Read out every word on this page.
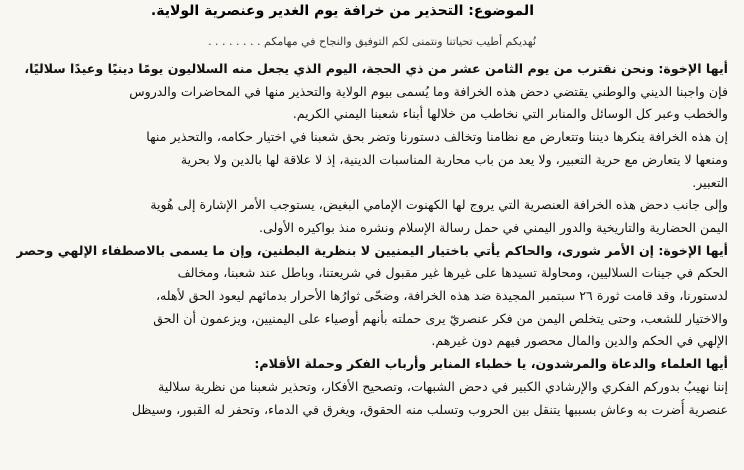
الموضوع: التحذير من خرافة يوم الغدير وعنصرية الولاية.
نُهديكم أطيب تحياتنا ونتمنى لكم التوفيق والنجاح في مهامكم . . . . . . . .
أيها الإخوة: ونحن نقترب من يوم الثامن عشر من ذي الحجة، اليوم الذي يجعل منه السلاليون يومًا دينيًا وعيدًا سلاليًا،
فإن واجبنا الديني والوطني يقتضي دحض هذه الخرافة وما يُسمى بيوم الولاية والتحذير منها في المحاضرات والدروس
والخطب وعبر كل الوسائل والمنابر التي نخاطب من خلالها أبناء شعبنا اليمني الكريم.
إن هذه الخرافة ينكرها ديننا وتتعارض مع نظامنا وتخالف دستورنا وتضر بحق شعبنا في اختيار حكامه، والتحذير منها
ومنعها لا يتعارض مع حرية التعبير، ولا يعد من باب محاربة المناسبات الدينية، إذ لا علاقة لها بالدين ولا بحرية
التعبير.
وإلى جانب دحض هذه الخرافة العنصرية التي يروج لها الكهنوت الإمامي البغيض، يستوجب الأمر الإشارة إلى هُوية
اليمن الحضارية والتاريخية والدور اليمني في حمل رسالة الإسلام ونشره منذ بواكيره الأولى.
أيها الإخوة: إن الأمر شورى، والحاكم يأتي باختيار اليمنيين لا بنظرية البطنين، وإن ما يسمى بالاصطفاء الإلهي وحصر
الحكم في جينات السلاليين، ومحاولة تسيدها على غيرها غير مقبول في شريعتنا، وباطل عند شعبنا، ومخالف
لدستورنا، وقد قامت ثورة ٢٦ سبتمبر المجيدة ضد هذه الخرافة، وضحّى ثوارُها الأحرار بدمائهم ليعود الحق لأهله،
والاختيار للشعب، وحتى يتخلص اليمن من فكر عنصريّ يرى حملته بأنهم أوصياء على اليمنيين، ويزعمون أن الحق
الإلهي في الحكم والدين والمال محصور فيهم دون غيرهم.
أيها العلماء والدعاة والمرشدون، يا خطباء المنابر وأرباب الفكر وحملة الأقلام:
إننا نهيبُ بدوركم الفكري والإرشادي الكبير في دحض الشبهات، وتصحيح الأفكار، وتحذير شعبنا من نظرية سلالية
عنصرية أُضرت به وعاش بسببها يتنقل بين الحروب وتسلب منه الحقوق، ويغرق في الدماء، وتحفر له القبور، وسيظل
